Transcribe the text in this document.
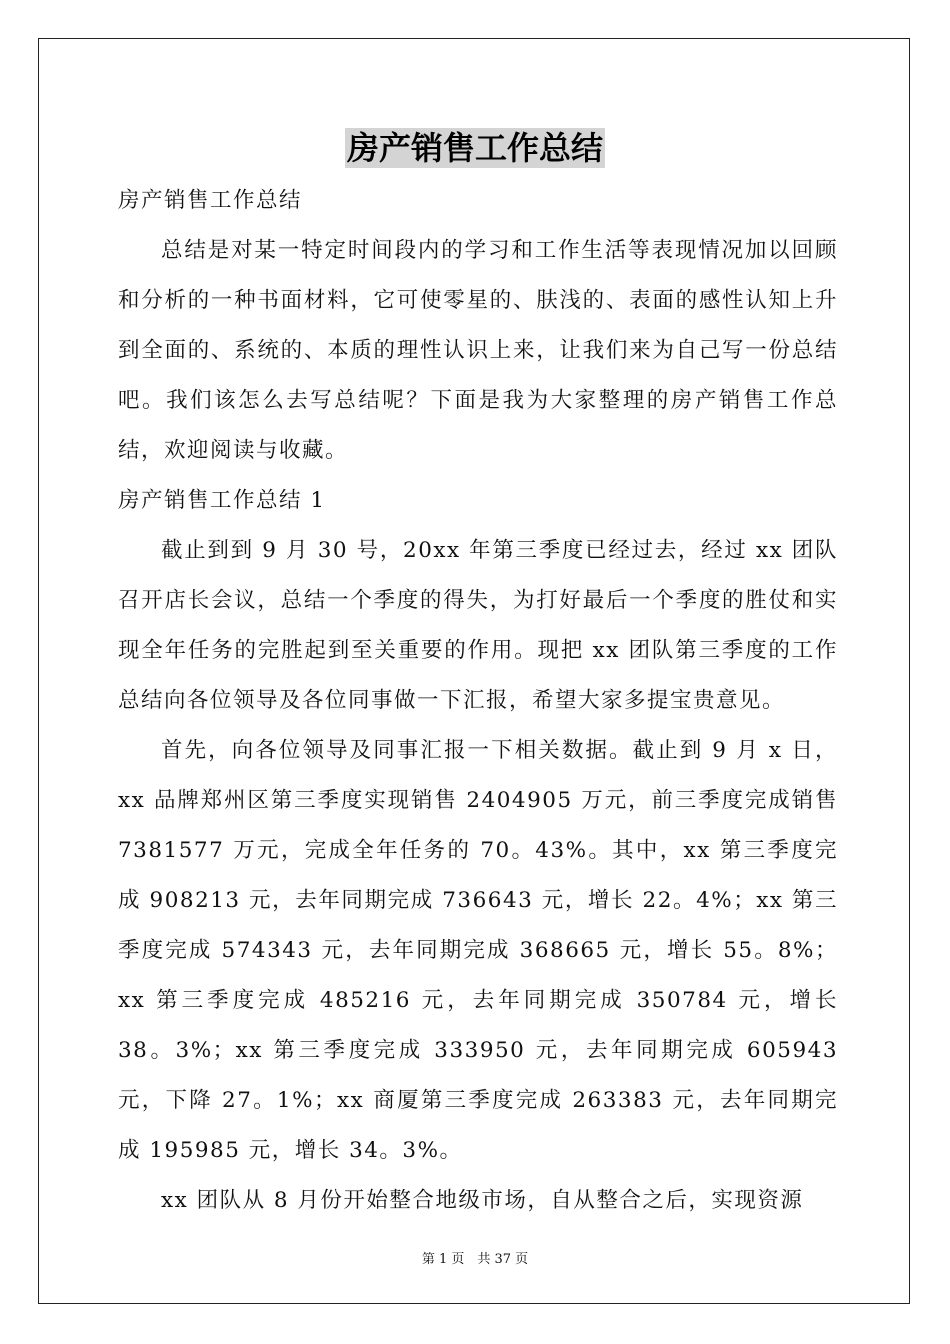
房产销售工作总结

房产销售工作总结

总结是对某一特定时间段内的学习和工作生活等表现情况加以回顾和分析的一种书面材料，它可使零星的、肤浅的、表面的感性认知上升到全面的、系统的、本质的理性认识上来，让我们来为自己写一份总结吧。我们该怎么去写总结呢？下面是我为大家整理的房产销售工作总结，欢迎阅读与收藏。

房产销售工作总结 1

截止到到 9 月 30 号，20xx 年第三季度已经过去，经过 xx 团队召开店长会议，总结一个季度的得失，为打好最后一个季度的胜仗和实现全年任务的完胜起到至关重要的作用。现把 xx 团队第三季度的工作总结向各位领导及各位同事做一下汇报，希望大家多提宝贵意见。

首先，向各位领导及同事汇报一下相关数据。截止到 9 月 x 日，xx 品牌郑州区第三季度实现销售 2404905 万元，前三季度完成销售 7381577 万元，完成全年任务的 70。43%。其中，xx 第三季度完成 908213 元，去年同期完成 736643 元，增长 22。4%；xx 第三季度完成 574343 元，去年同期完成 368665 元，增长 55。8%；xx 第三季度完成 485216 元，去年同期完成 350784 元，增长 38。3%；xx 第三季度完成 333950 元，去年同期完成 605943 元，下降 27。1%；xx 商厦第三季度完成 263383 元，去年同期完成 195985 元，增长 34。3%。

xx 团队从 8 月份开始整合地级市场，自从整合之后，实现资源

第 1 页　共 37 页
